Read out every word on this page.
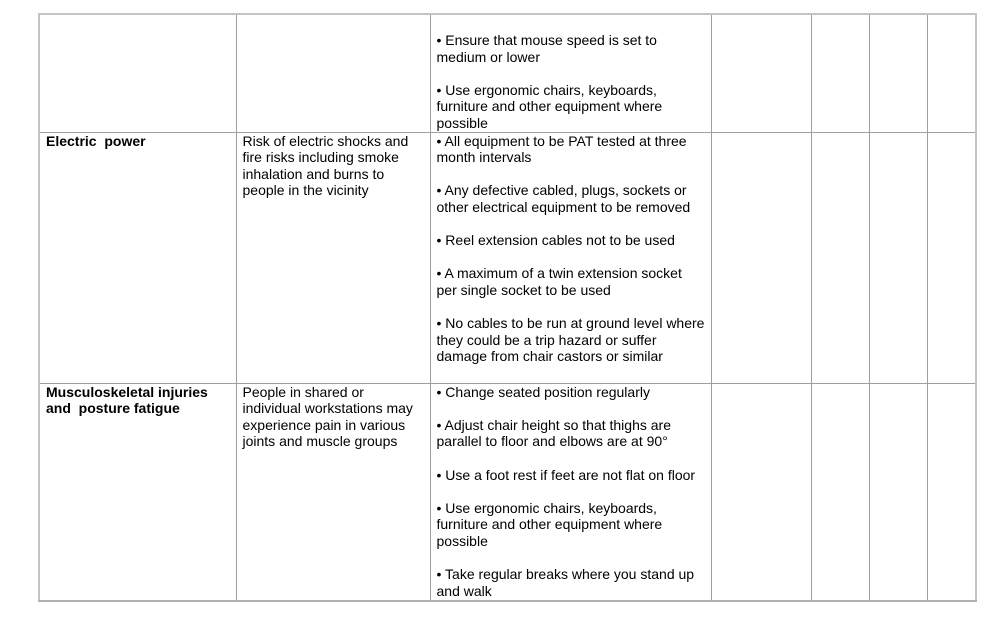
		• Ensure that mouse speed is set to medium or lower
• Use ergonomic chairs, keyboards, furniture and other equipment where possible				

Electric  power	Risk of electric shocks and fire risks including smoke inhalation and burns to people in the vicinity	• All equipment to be PAT tested at three month intervals
• Any defective cabled, plugs, sockets or other electrical equipment to be removed
• Reel extension cables not to be used
• A maximum of a twin extension socket per single socket to be used
• No cables to be run at ground level where they could be a trip hazard or suffer damage from chair castors or similar				

Musculoskeletal injuries and  posture fatigue	People in shared or individual workstations may experience pain in various joints and muscle groups	• Change seated position regularly
• Adjust chair height so that thighs are parallel to floor and elbows are at 90°
• Use a foot rest if feet are not flat on floor
• Use ergonomic chairs, keyboards, furniture and other equipment where possible
• Take regular breaks where you stand up and walk				
